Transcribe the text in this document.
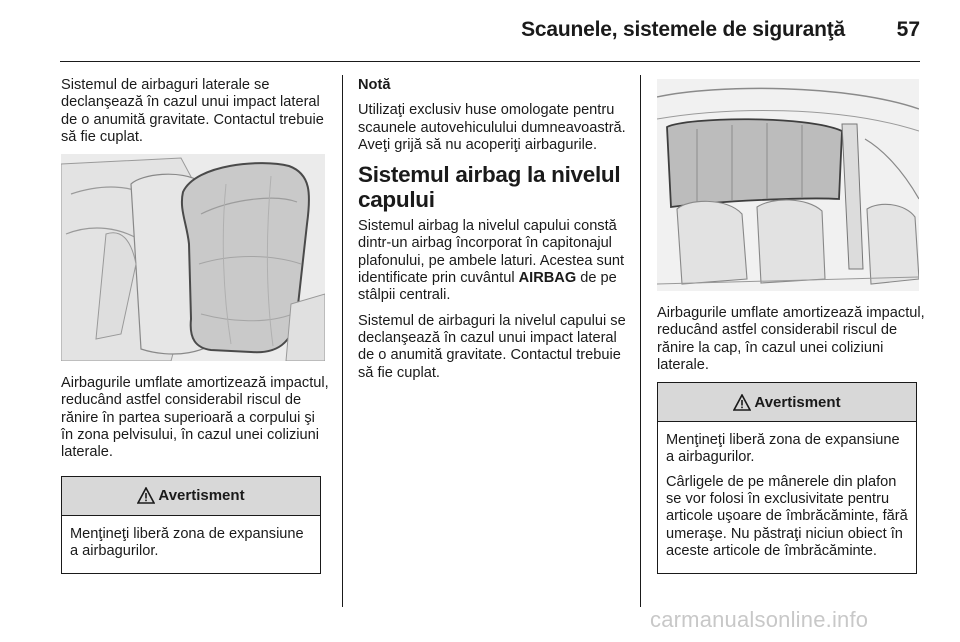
Scaunele, sistemele de siguranţă	57

Sistemul de airbaguri laterale se declanşează în cazul unui impact lateral de o anumită gravitate. Contactul trebuie să fie cuplat.

Airbagurile umflate amortizează impactul, reducând astfel considerabil riscul de rănire în partea superioară a corpului şi în zona pelvisului, în cazul unei coliziuni laterale.

Avertisment

Menţineţi liberă zona de expansiune a airbagurilor.

Notă

Utilizaţi exclusiv huse omologate pentru scaunele autovehiculului dumneavoastră. Aveţi grijă să nu acoperiţi airbagurile.

Sistemul airbag la nivelul capului

Sistemul airbag la nivelul capului constă dintr-un airbag încorporat în capitonajul plafonului, pe ambele laturi. Acestea sunt identificate prin cuvântul AIRBAG de pe stâlpii centrali.

Sistemul de airbaguri la nivelul capului se declanşează în cazul unui impact lateral de o anumită gravitate. Contactul trebuie să fie cuplat.

Airbagurile umflate amortizează impactul, reducând astfel considerabil riscul de rănire la cap, în cazul unei coliziuni laterale.

Avertisment

Menţineţi liberă zona de expansiune a airbagurilor.

Cârligele de pe mânerele din plafon se vor folosi în exclusivitate pentru articole uşoare de îmbrăcăminte, fără umeraşe. Nu păstraţi niciun obiect în aceste articole de îmbrăcăminte.

carmanualsonline.info
